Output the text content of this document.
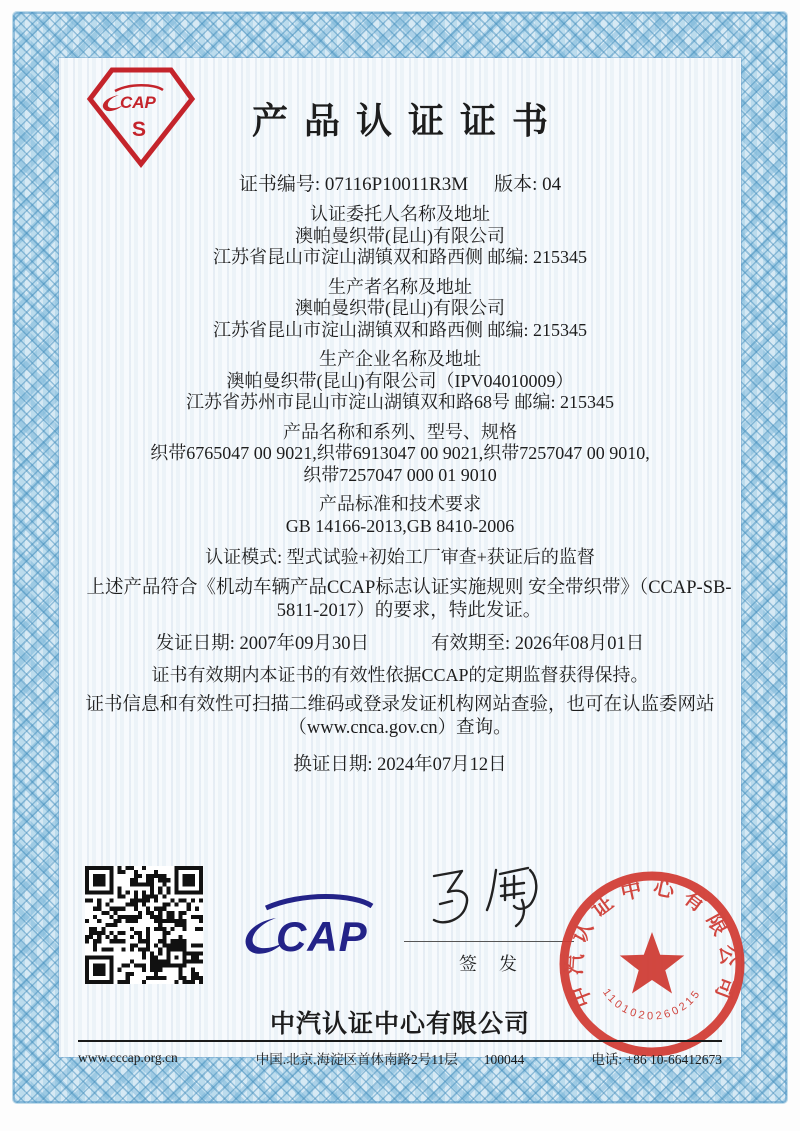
产品认证证书
证书编号: 07116P10011R3M 版本: 04
认证委托人名称及地址
澳帕曼织带(昆山)有限公司
江苏省昆山市淀山湖镇双和路西侧 邮编: 215345
生产者名称及地址
澳帕曼织带(昆山)有限公司
江苏省昆山市淀山湖镇双和路西侧 邮编: 215345
生产企业名称及地址
澳帕曼织带(昆山)有限公司（IPV04010009）
江苏省苏州市昆山市淀山湖镇双和路68号 邮编: 215345
产品名称和系列、型号、规格
织带6765047 00 9021,织带6913047 00 9021,织带7257047 00 9010,织带7257047 000 01 9010
产品标准和技术要求
GB 14166-2013,GB 8410-2006
认证模式: 型式试验+初始工厂审查+获证后的监督
上述产品符合《机动车辆产品CCAP标志认证实施规则 安全带织带》（CCAP-SB-5811-2017）的要求，特此发证。
发证日期: 2007年09月30日	有效期至: 2026年08月01日
证书有效期内本证书的有效性依据CCAP的定期监督获得保持。
证书信息和有效性可扫描二维码或登录发证机构网站查验，也可在认监委网站（www.cnca.gov.cn）查询。
换证日期: 2024年07月12日
CAP
S
CAP
签　发
中汽认证中心有限公司
1101020260215
中汽认证中心有限公司
www.cccap.org.cn	中国.北京.海淀区首体南路2号11层 100044	电话: +86 10-66412673
